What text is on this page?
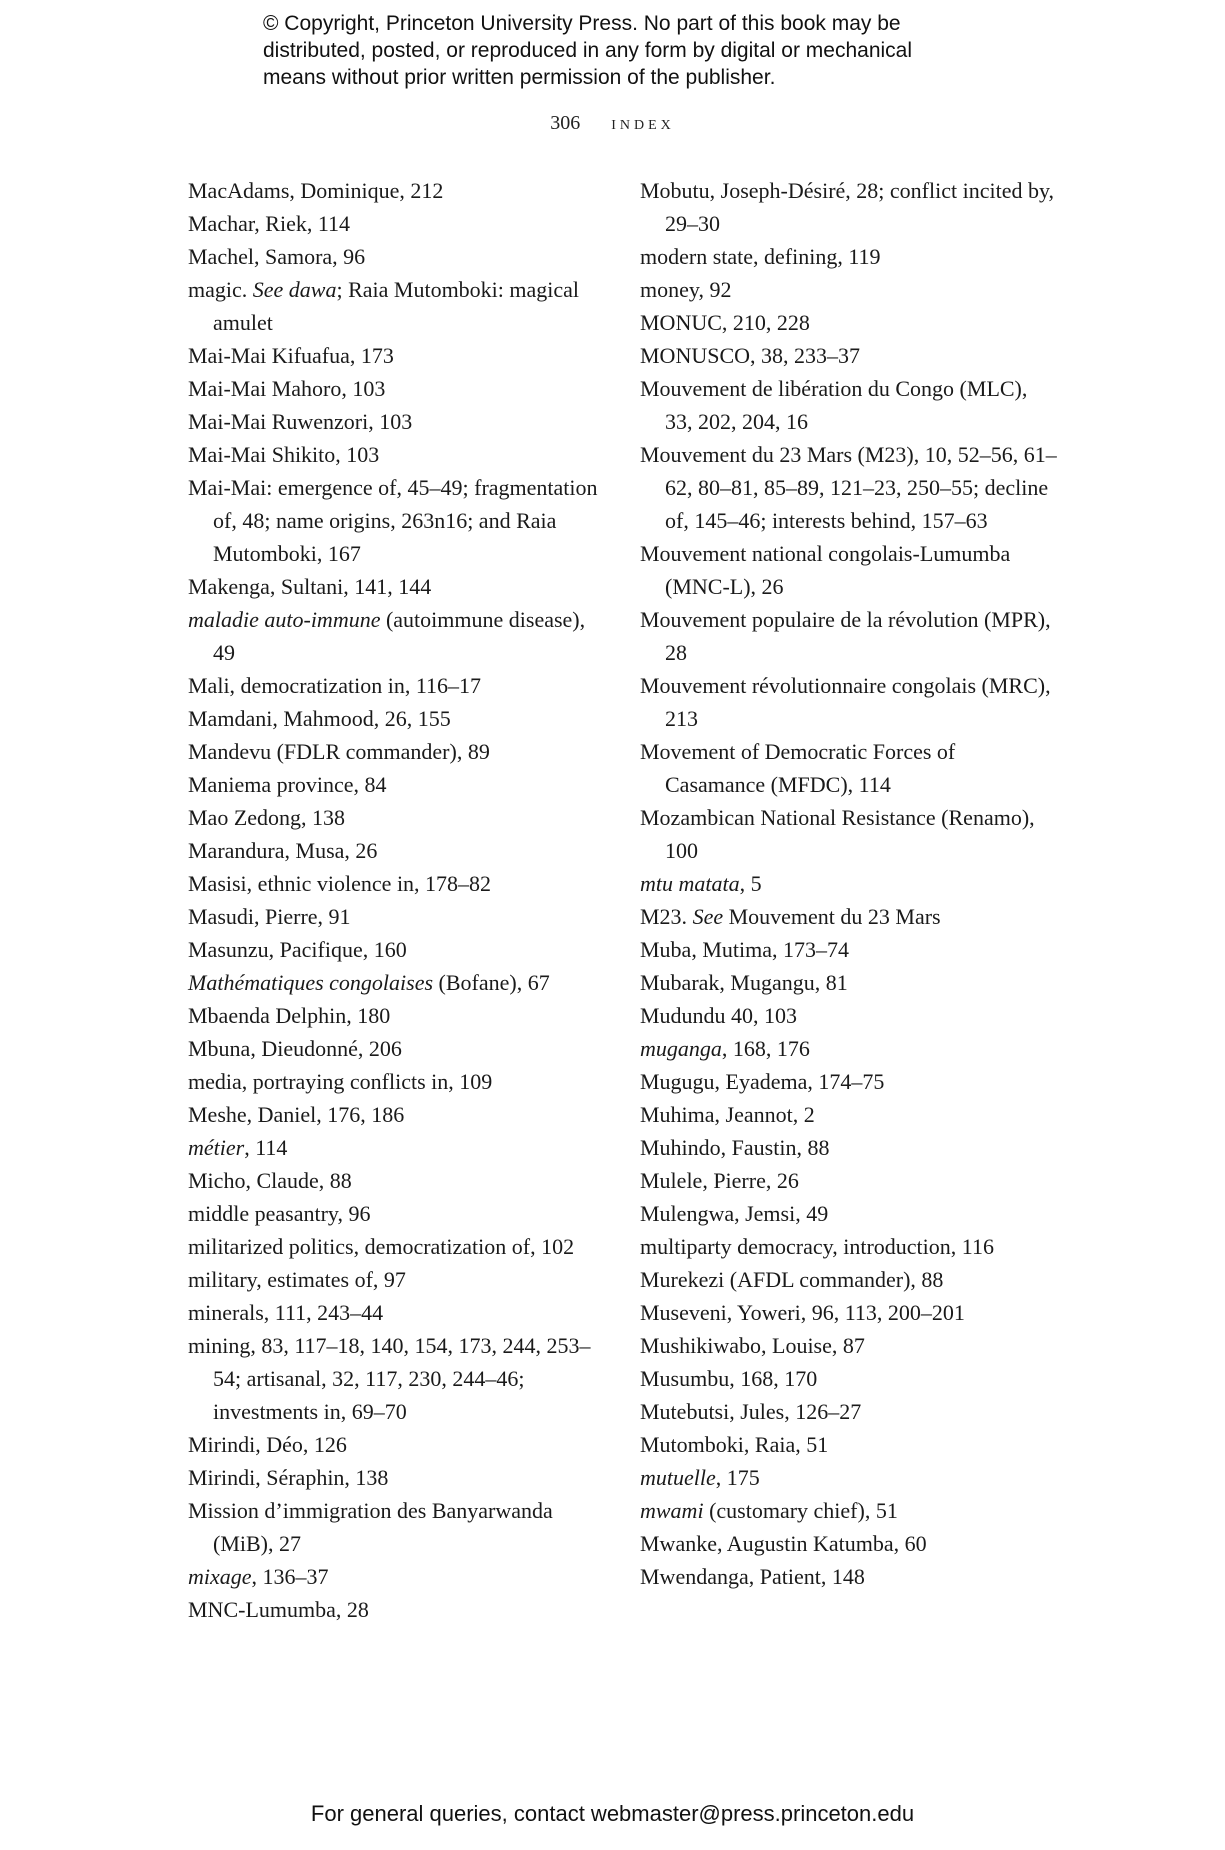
© Copyright, Princeton University Press. No part of this book may be
distributed, posted, or reproduced in any form by digital or mechanical
means without prior written permission of the publisher.
306 index

MacAdams, Dominique, 212

Machar, Riek, 114

Machel, Samora, 96

magic. See dawa; Raia Mutomboki: magical amulet

Mai-Mai Kifuafua, 173

Mai-Mai Mahoro, 103

Mai-Mai Ruwenzori, 103

Mai-Mai Shikito, 103

Mai-Mai: emergence of, 45–49; fragmentation of, 48; name origins, 263n16; and Raia Mutomboki, 167

Makenga, Sultani, 141, 144

maladie auto-immune (autoimmune disease), 49

Mali, democratization in, 116–17

Mamdani, Mahmood, 26, 155

Mandevu (FDLR commander), 89

Maniema province, 84

Mao Zedong, 138

Marandura, Musa, 26

Masisi, ethnic violence in, 178–82

Masudi, Pierre, 91

Masunzu, Pacifique, 160

Mathématiques congolaises (Bofane), 67

Mbaenda Delphin, 180

Mbuna, Dieudonné, 206

media, portraying conflicts in, 109

Meshe, Daniel, 176, 186

métier, 114

Micho, Claude, 88

middle peasantry, 96

militarized politics, democratization of, 102

military, estimates of, 97

minerals, 111, 243–44

mining, 83, 117–18, 140, 154, 173, 244, 253–54; artisanal, 32, 117, 230, 244–46; investments in, 69–70

Mirindi, Déo, 126

Mirindi, Séraphin, 138

Mission d’immigration des Banyarwanda (MiB), 27

mixage, 136–37

MNC-Lumumba, 28

Mobutu, Joseph-Désiré, 28; conflict incited by, 29–30

modern state, defining, 119

money, 92

MONUC, 210, 228

MONUSCO, 38, 233–37

Mouvement de libération du Congo (MLC), 33, 202, 204, 16

Mouvement du 23 Mars (M23), 10, 52–56, 61–62, 80–81, 85–89, 121–23, 250–55; decline of, 145–46; interests behind, 157–63

Mouvement national congolais-Lumumba (MNC-L), 26

Mouvement populaire de la révolution (MPR), 28

Mouvement révolutionnaire congolais (MRC), 213

Movement of Democratic Forces of Casamance (MFDC), 114

Mozambican National Resistance (Renamo), 100

mtu matata, 5

M23. See Mouvement du 23 Mars

Muba, Mutima, 173–74

Mubarak, Mugangu, 81

Mudundu 40, 103

muganga, 168, 176

Mugugu, Eyadema, 174–75

Muhima, Jeannot, 2

Muhindo, Faustin, 88

Mulele, Pierre, 26

Mulengwa, Jemsi, 49

multiparty democracy, introduction, 116

Murekezi (AFDL commander), 88

Museveni, Yoweri, 96, 113, 200–201

Mushikiwabo, Louise, 87

Musumbu, 168, 170

Mutebutsi, Jules, 126–27

Mutomboki, Raia, 51

mutuelle, 175

mwami (customary chief), 51

Mwanke, Augustin Katumba, 60

Mwendanga, Patient, 148

For general queries, contact webmaster@press.princeton.edu
